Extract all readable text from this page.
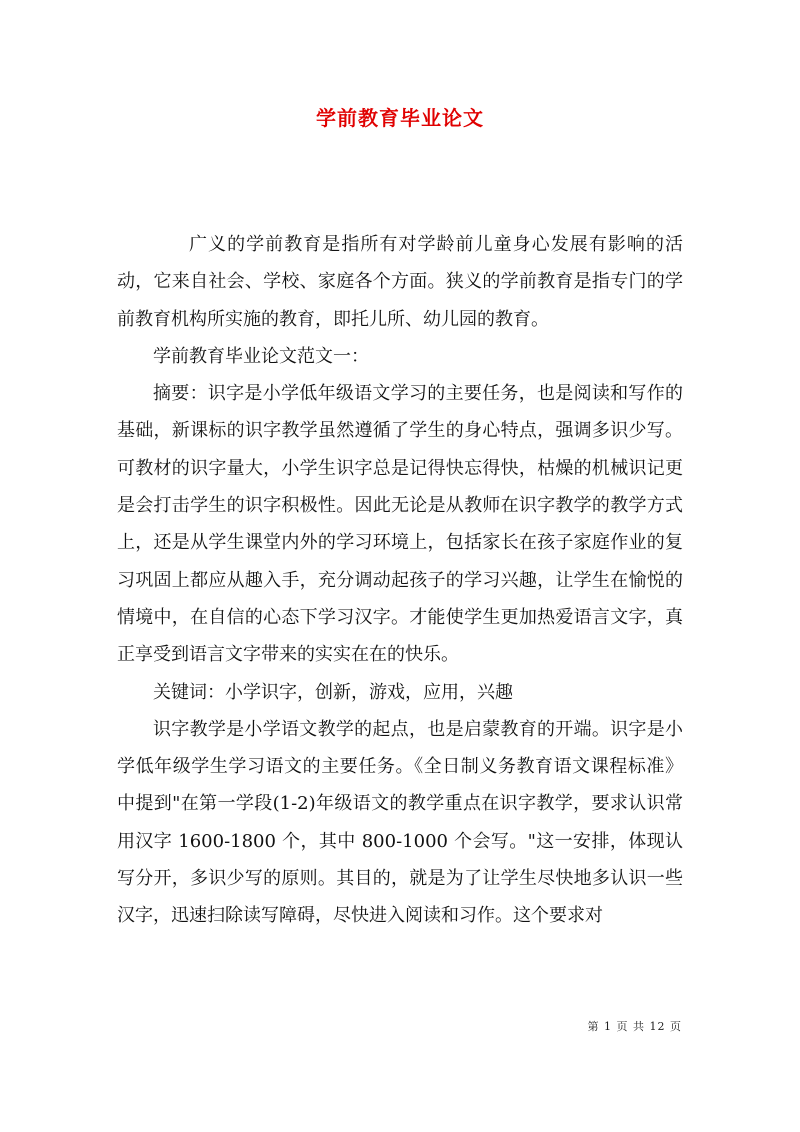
学前教育毕业论文

广义的学前教育是指所有对学龄前儿童身心发展有影响的活动，它来自社会、学校、家庭各个方面。狭义的学前教育是指专门的学前教育机构所实施的教育，即托儿所、幼儿园的教育。

学前教育毕业论文范文一：

摘要：识字是小学低年级语文学习的主要任务，也是阅读和写作的基础，新课标的识字教学虽然遵循了学生的身心特点，强调多识少写。可教材的识字量大，小学生识字总是记得快忘得快，枯燥的机械识记更是会打击学生的识字积极性。因此无论是从教师在识字教学的教学方式上，还是从学生课堂内外的学习环境上，包括家长在孩子家庭作业的复习巩固上都应从趣入手，充分调动起孩子的学习兴趣，让学生在愉悦的情境中，在自信的心态下学习汉字。才能使学生更加热爱语言文字，真正享受到语言文字带来的实实在在的快乐。

关键词：小学识字，创新，游戏，应用，兴趣

识字教学是小学语文教学的起点，也是启蒙教育的开端。识字是小学低年级学生学习语文的主要任务。《全日制义务教育语文课程标准》中提到"在第一学段(1-2)年级语文的教学重点在识字教学，要求认识常用汉字 1600-1800 个，其中 800-1000 个会写。"这一安排，体现认写分开，多识少写的原则。其目的，就是为了让学生尽快地多认识一些汉字，迅速扫除读写障碍，尽快进入阅读和习作。这个要求对

第 1 页 共 12 页
